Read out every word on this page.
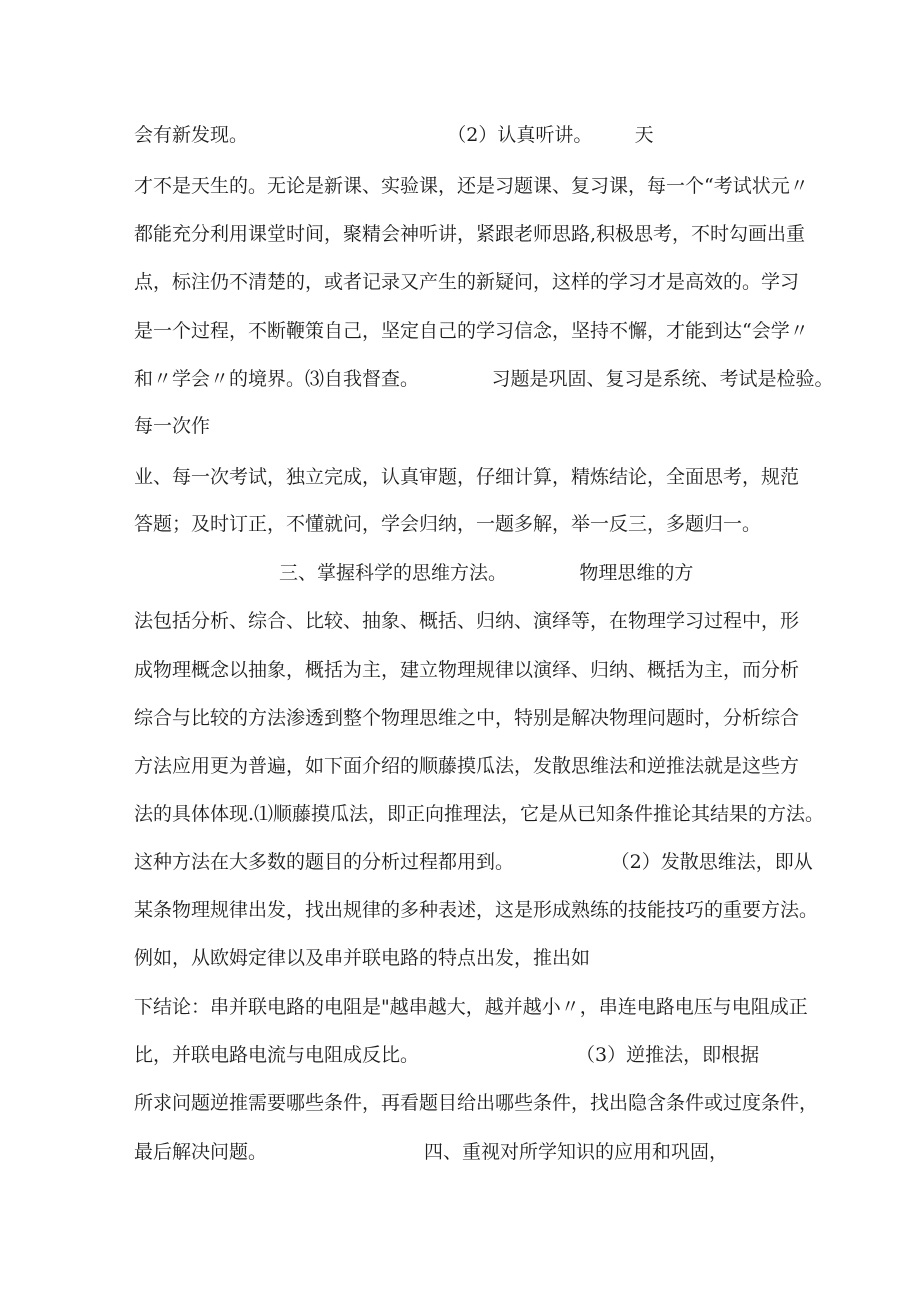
会有新发现。                                 （2）认真听讲。       天

才不是天生的。无论是新课、实验课，还是习题课、复习课，每一个“考试状元〃

都能充分利用课堂时间，聚精会神听讲，紧跟老师思路,积极思考，不时勾画出重

点，标注仍不清楚的，或者记录又产生的新疑问，这样的学习才是高效的。学习

是一个过程，不断鞭策自己，坚定自己的学习信念，坚持不懈，才能到达“会学〃

和〃学会〃的境界。⑶自我督查。            习题是巩固、复习是系统、考试是检验。

每一次作

业、每一次考试，独立完成，认真审题，仔细计算，精炼结论，全面思考，规范

答题；及时订正，不懂就问，学会归纳，一题多解，举一反三，多题归一。

三、掌握科学的思维方法。            物理思维的方

法包括分析、综合、比较、抽象、概括、归纳、演绎等，在物理学习过程中，形

成物理概念以抽象，概括为主，建立物理规律以演绎、归纳、概括为主，而分析

综合与比较的方法渗透到整个物理思维之中，特别是解决物理问题时，分析综合

方法应用更为普遍，如下面介绍的顺藤摸瓜法，发散思维法和逆推法就是这些方

法的具体体现.⑴顺藤摸瓜法，即正向推理法，它是从已知条件推论其结果的方法。

这种方法在大多数的题目的分析过程都用到。                （2）发散思维法，即从

某条物理规律出发，找出规律的多种表述，这是形成熟练的技能技巧的重要方法。

例如，从欧姆定律以及串并联电路的特点出发，推出如

下结论：串并联电路的电阻是"越串越大，越并越小〃，串连电路电压与电阻成正

比，并联电路电流与电阻成反比。                          （3）逆推法，即根据

所求问题逆推需要哪些条件，再看题目给出哪些条件，找出隐含条件或过度条件，

最后解决问题。                          四、重视对所学知识的应用和巩固，
